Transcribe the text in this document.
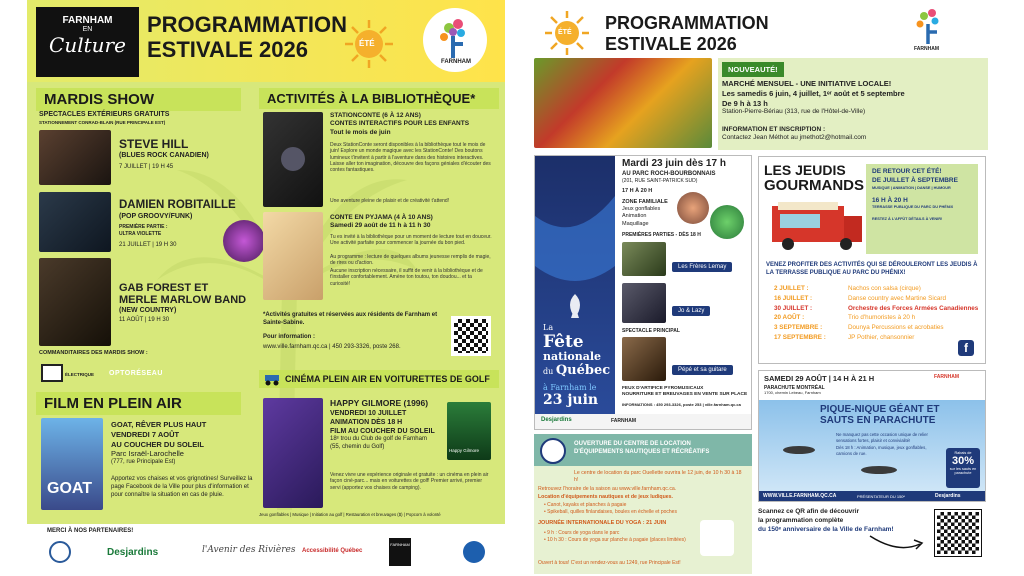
FARNHAM
EN
Culture
PROGRAMMATION
ESTIVALE 2026	ÉTÉ
FARNHAM
MARDIS SHOW
SPECTACLES EXTÉRIEURS GRATUITS
STATIONNEMENT CONRAD-BLAIN (RUE PRINCIPALE EST)
STEVE HILL
(BLUES ROCK CANADIEN)
7 JUILLET | 19 H 45
DAMIEN ROBITAILLE
(POP GROOVY/FUNK)
PREMIÈRE PARTIE :
ULTRA VIOLETTE
21 JUILLET | 19 H 30
GAB FOREST ET
MERLE MARLOW BAND
(NEW COUNTRY)
11 AOÛT | 19 H 30
COMMANDITAIRES DES MARDIS SHOW :
ÉLECTRIQUE OPTORÉSEAU
FILM EN PLEIN AIR
GOAT
GOAT, RÊVER PLUS HAUT
VENDREDI 7 AOÛT
AU COUCHER DU SOLEIL
Parc Israël-Larochelle
(777, rue Principale Est)
Apportez vos chaises et vos grignotines! Surveillez la page Facebook de la Ville pour plus d'information et pour connaître la situation en cas de pluie.
ACTIVITÉS À LA BIBLIOTHÈQUE*
STATIONCONTE (6 À 12 ANS)
CONTES INTERACTIFS POUR LES ENFANTS
Tout le mois de juin
Deux StationConte seront disponibles à la bibliothèque tout le mois de juin! Explore un monde magique avec les StationConte! Des boutons lumineux t'invitent à partir à l'aventure dans des histoires interactives. Laisse aller ton imagination, découvre des façons géniales d'écouter des contes fantastiques.
Une aventure pleine de plaisir et de créativité t'attend!
CONTE EN PYJAMA (4 À 10 ANS)
Samedi 29 août de 11 h à 11 h 30
Tu es invité à la bibliothèque pour un moment de lecture tout en douceur. Une activité parfaite pour commencer la journée du bon pied.
Au programme : lecture de quelques albums jeunesse remplis de magie, de rires ou d'action.
Aucune inscription nécessaire, il suffit de venir à la bibliothèque et de t'installer confortablement. Amène ton toutou, ton doudou... et ta curiosité!
*Activités gratuites et réservées aux résidents de Farnham et Sainte-Sabine.
Pour information :
www.ville.farnham.qc.ca | 450 293-3326, poste 268.
CINÉMA PLEIN AIR EN VOITURETTES DE GOLF
HAPPY GILMORE (1996)
VENDREDI 10 JUILLET
ANIMATION DÈS 18 H
FILM AU COUCHER DU SOLEIL
18ᵉ trou du Club de golf de Farnham
(55, chemin du Golf)
Happy Gilmore
Venez vivre une expérience originale et gratuite : un cinéma en plein air façon ciné-parc... mais en voiturettes de golf! Premier arrivé, premier servi (apportez vos chaises de camping).
Jeux gonflables | Musique | Initiation au golf | Restauration et breuvages ($) | Popcorn à volonté
MERCI À NOS PARTENAIRES!
Desjardins	l'Avenir des Rivières Accessibilité Québec
FARNHAM
ÉTÉ PROGRAMMATION
ESTIVALE 2026	FARNHAM
NOUVEAUTÉ!
MARCHÉ MENSUEL - UNE INITIATIVE LOCALE!
Les samedis 6 juin, 4 juillet, 1ᵉʳ août et 5 septembre
De 9 h à 13 h
Station-Pierre-Bériau (313, rue de l'Hôtel-de-Ville)
INFORMATION ET INSCRIPTION :
Contactez Jean Méthot au jmethot2@hotmail.com
La
Fête
nationale
du Québec
à Farnham le
23 juin
Mardi 23 juin dès 17 h
AU PARC ROCH-BOURBONNAIS
(201, RUE SAINT-PATRICK SUD)
17 H À 20 H
ZONE FAMILIALE
Jeux gonflables
Animation
Maquillage
PREMIÈRES PARTIES - DÈS 18 H
Les Frères Lemay
Jo & Lazy
SPECTACLE PRINCIPAL
Pépé et sa guitare
FEUX D'ARTIFICE PYROMUSICAUX
NOURRITURE ET BREUVAGES EN VENTE SUR PLACE
INFORMATIONS : 450 293-3326, poste 253 | ville.farnham.qc.ca
Desjardins	FARNHAM
OUVERTURE DU CENTRE DE LOCATION
D'ÉQUIPEMENTS NAUTIQUES ET RÉCRÉATIFS
Le centre de location du parc Ouellette ouvrira le 12 juin, de 10 h 30 à 18 h!
Retrouvez l'horaire de la saison au www.ville.farnham.qc.ca.
Location d'équipements nautiques et de jeux ludiques.
• Canot, kayaks et planches à pagaie
• Spikeball, quilles finlandaises, boules en échelle et poches
JOURNÉE INTERNATIONALE DU YOGA : 21 JUIN
• 9 h : Cours de yoga dans le parc
• 10 h 30 : Cours de yoga sur planche à pagaie (places limitées)
Ouvert à tous! C'est un rendez-vous au 1249, rue Principale Est!
LES JEUDIS
GOURMANDS
DE RETOUR CET ÉTÉ!
DE JUILLET À SEPTEMBRE
MUSIQUE | ANIMATION | DANSE | HUMOUR
16 H À 20 H
TERRASSE PUBLIQUE DU PARC DU PHÉNIX
RESTEZ À L'AFFÛT DÉTAILS À VENIR!
VENEZ PROFITER DES ACTIVITÉS QUI SE DÉROULERONT LES JEUDIS À LA TERRASSE PUBLIQUE AU PARC DU PHÉNIX!
2 JUILLET :	Nachos con salsa (cirque)
16 JUILLET :	Danse country avec Martine Sicard
30 JUILLET :	Orchestre des Forces Armées Canadiennes
20 AOÛT :	Trio d'humoristes à 20 h
3 SEPTEMBRE :	Dounya Percussions et acrobaties
17 SEPTEMBRE :	JP Pothier, chansonnier
f
SAMEDI 29 AOÛT | 14 H À 21 H
PARACHUTE MONTRÉAL
1700, chemin Lebeau, Farnham
FARNHAM
PIQUE-NIQUE GÉANT ET
SAUTS EN PARACHUTE
Ne manquez pas cette occasion unique de relier sensations fortes, plaisir et convivialité!
Dès 18 h : Animation, musique, jeux gonflables, camions de rue.	Rabais de
30%
sur les sauts en parachute
WWW.VILLE.FARNHAM.QC.CA	PRÉSENTATEUR DU 150ᵉ	Desjardins
Scannez ce QR afin de découvrir
la programmation complète
du 150ᵉ anniversaire de la Ville de Farnham!
